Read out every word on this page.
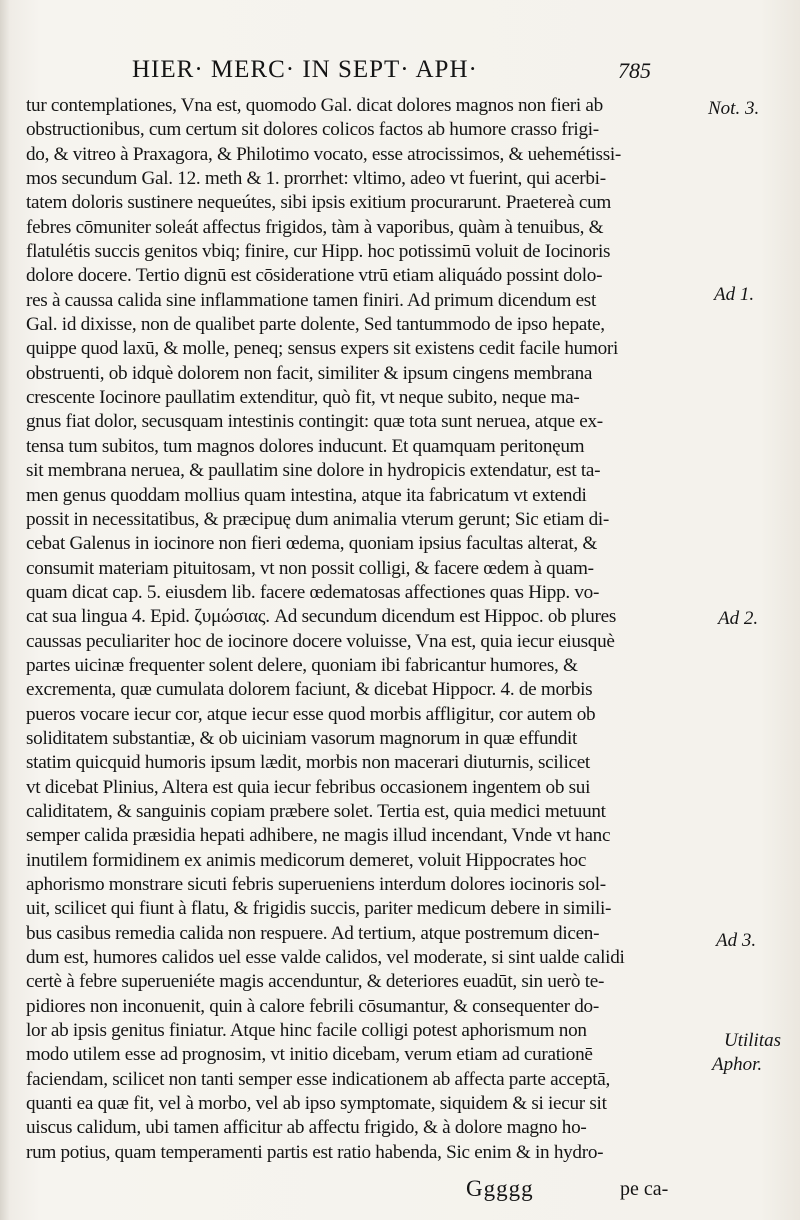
HIER· MERC· IN SEPT· APH·	785
tur contemplationes, Vna est, quomodo Gal. dicat dolores magnos non fieri ab
obstructionibus, cum certum sit dolores colicos factos ab humore crasso frigi-
do, & vitreo à Praxagora, & Philotimo vocato, esse atrocissimos, & uehemétissi-
mos secundum Gal. 12. meth & 1. prorrhet: vltimo, adeo vt fuerint, qui acerbi-
tatem doloris sustinere nequeútes, sibi ipsis exitium procurarunt. Praetereà cum
febres cōmuniter soleát affectus frigidos, tàm à vaporibus, quàm à tenuibus, &
flatulétis succis genitos vbiq; finire, cur Hipp. hoc potissimū voluit de Iocinoris
dolore docere. Tertio dignū est cōsideratione vtrū etiam aliquádo possint dolo-
res à caussa calida sine inflammatione tamen finiri. Ad primum dicendum est
Gal. id dixisse, non de qualibet parte dolente, Sed tantummodo de ipso hepate,
quippe quod laxū, & molle, peneq; sensus expers sit existens cedit facile humori
obstruenti, ob idquè dolorem non facit, similiter & ipsum cingens membrana
crescente Iocinore paullatim extenditur, quò fit, vt neque subito, neque ma-
gnus fiat dolor, secusquam intestinis contingit: quæ tota sunt neruea, atque ex-
tensa tum subitos, tum magnos dolores inducunt. Et quamquam peritonęum
sit membrana neruea, & paullatim sine dolore in hydropicis extendatur, est ta-
men genus quoddam mollius quam intestina, atque ita fabricatum vt extendi
possit in necessitatibus, & præcipuę dum animalia vterum gerunt; Sic etiam di-
cebat Galenus in iocinore non fieri œdema, quoniam ipsius facultas alterat, &
consumit materiam pituitosam, vt non possit colligi, & facere œdem à quam-
quam dicat cap. 5. eiusdem lib. facere œdematosas affectiones quas Hipp. vo-
cat sua lingua 4. Epid. ζυμώσιας. Ad secundum dicendum est Hippoc. ob plures
caussas peculiariter hoc de iocinore docere voluisse, Vna est, quia iecur eiusquè
partes uicinæ frequenter solent delere, quoniam ibi fabricantur humores, &
excrementa, quæ cumulata dolorem faciunt, & dicebat Hippocr. 4. de morbis
pueros vocare iecur cor, atque iecur esse quod morbis affligitur, cor autem ob
soliditatem substantiæ, & ob uiciniam vasorum magnorum in quæ effundit
statim quicquid humoris ipsum lædit, morbis non macerari diuturnis, scilicet
vt dicebat Plinius, Altera est quia iecur febribus occasionem ingentem ob sui
caliditatem, & sanguinis copiam præbere solet. Tertia est, quia medici metuunt
semper calida præsidia hepati adhibere, ne magis illud incendant, Vnde vt hanc
inutilem formidinem ex animis medicorum demeret, voluit Hippocrates hoc
aphorismo monstrare sicuti febris superueniens interdum dolores iocinoris sol-
uit, scilicet qui fiunt à flatu, & frigidis succis, pariter medicum debere in simili-
bus casibus remedia calida non respuere. Ad tertium, atque postremum dicen-
dum est, humores calidos uel esse valde calidos, vel moderate, si sint ualde calidi
certè à febre superueniéte magis accenduntur, & deteriores euadūt, sin uerò te-
pidiores non inconuenit, quin à calore febrili cōsumantur, & consequenter do-
lor ab ipsis genitus finiatur. Atque hinc facile colligi potest aphorismum non
modo utilem esse ad prognosim, vt initio dicebam, verum etiam ad curationē
faciendam, scilicet non tanti semper esse indicationem ab affecta parte acceptā,
quanti ea quæ fit, vel à morbo, vel ab ipso symptomate, siquidem & si iecur sit
uiscus calidum, ubi tamen afficitur ab affectu frigido, & à dolore magno ho-
rum potius, quam temperamenti partis est ratio habenda, Sic enim & in hydro-
Not. 3.
Ad 1.
Ad 2.
Ad 3.
Utilitas
Aphor.
Ggggg	pe ca-
